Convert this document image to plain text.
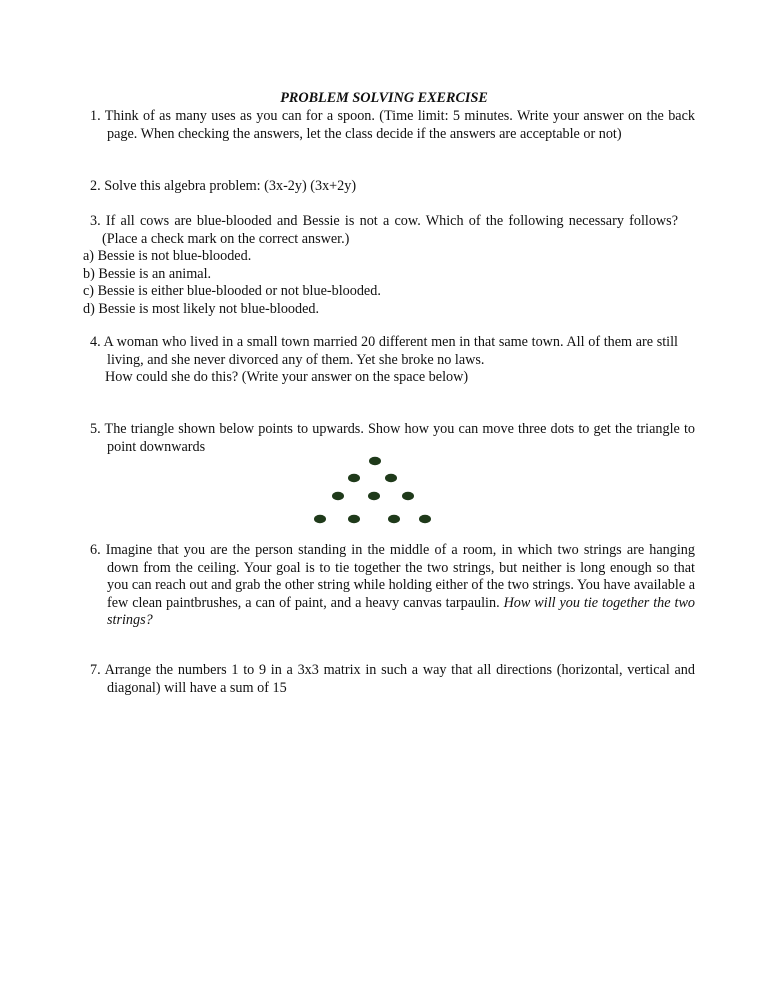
PROBLEM SOLVING EXERCISE
1. Think of as many uses as you can for a spoon. (Time limit: 5 minutes. Write your answer on the back page. When checking the answers, let the class decide if the answers are acceptable or not)
2. Solve this algebra problem: (3x-2y) (3x+2y)
3. If all cows are blue-blooded and Bessie is not a cow. Which of the following necessary follows? (Place a check mark on the correct answer.)
a) Bessie is not blue-blooded.
b) Bessie is an animal.
c) Bessie is either blue-blooded or not blue-blooded.
d) Bessie is most likely not blue-blooded.
4. A woman who lived in a small town married 20 different men in that same town. All of them are still living, and she never divorced any of them. Yet she broke no laws.
How could she do this? (Write your answer on the space below)
5. The triangle shown below points to upwards. Show how you can move three dots to get the triangle to point downwards
6. Imagine that you are the person standing in the middle of a room, in which two strings are hanging down from the ceiling. Your goal is to tie together the two strings, but neither is long enough so that you can reach out and grab the other string while holding either of the two strings. You have available a few clean paintbrushes, a can of paint, and a heavy canvas tarpaulin. How will you tie together the two strings?
7. Arrange the numbers 1 to 9 in a 3x3 matrix in such a way that all directions (horizontal, vertical and diagonal) will have a sum of 15
